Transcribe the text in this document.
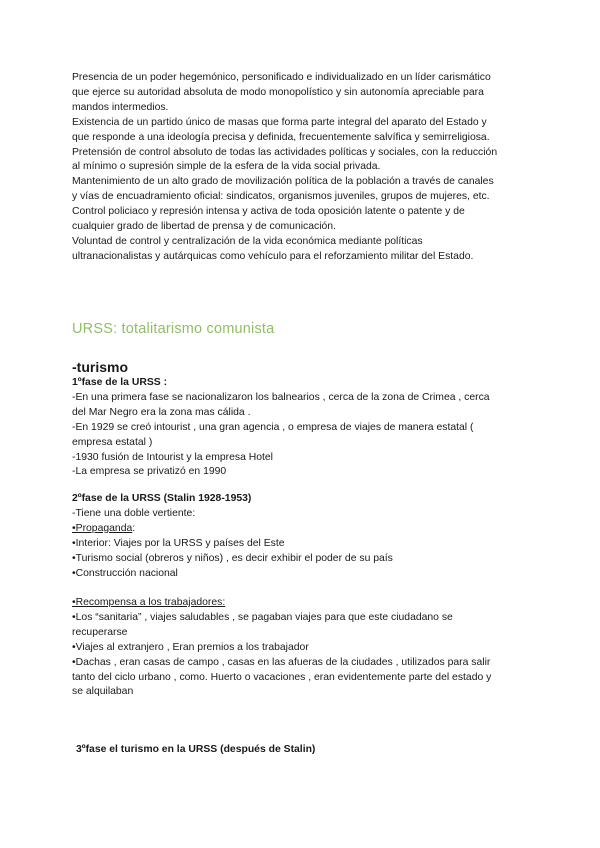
Presencia de un poder hegemónico, personificado e individualizado en un líder carismático

que ejerce su autoridad absoluta de modo monopolístico y sin autonomía apreciable para

mandos intermedios.

Existencia de un partido único de masas que forma parte integral del aparato del Estado y

que responde a una ideología precisa y definida, frecuentemente salvífica y semirreligiosa.

Pretensión de control absoluto de todas las actividades políticas y sociales, con la reducción

al mínimo o supresión simple de la esfera de la vida social privada.

Mantenimiento de un alto grado de movilización política de la población a través de canales

y vías de encuadramiento oficial: sindicatos, organismos juveniles, grupos de mujeres, etc.

Control policiaco y represión intensa y activa de toda oposición latente o patente y de

cualquier grado de libertad de prensa y de comunicación.

Voluntad de control y centralización de la vida económica mediante políticas

ultranacionalistas y autárquicas como vehículo para el reforzamiento militar del Estado.

URSS: totalitarismo comunista

-turismo

1ºfase de la URSS :

-En una primera fase se nacionalizaron los balnearios , cerca de la zona de Crimea , cerca

del Mar Negro era la zona mas cálida .

-En 1929 se creó intourist , una gran agencia , o empresa de viajes de manera estatal (

empresa estatal )

-1930 fusión de Intourist y la empresa Hotel

-La empresa se privatizó en 1990

2ºfase de la URSS (Stalin 1928-1953)

-Tiene una doble vertiente:

•Propaganda:

•Interior: Viajes por la URSS y países del Este

•Turismo social (obreros y niños) , es decir exhibir el poder de su país

•Construcción nacional

•Recompensa a los trabajadores:

•Los “sanitaria” , viajes saludables , se pagaban viajes para que este ciudadano se

recuperarse

•Viajes al extranjero , Eran premios a los trabajador

•Dachas , eran casas de campo , casas en las afueras de la ciudades , utilizados para salir

tanto del ciclo urbano , como. Huerto o vacaciones , eran evidentemente parte del estado y

se alquilaban

3ºfase el turismo en la URSS (después de Stalin)
